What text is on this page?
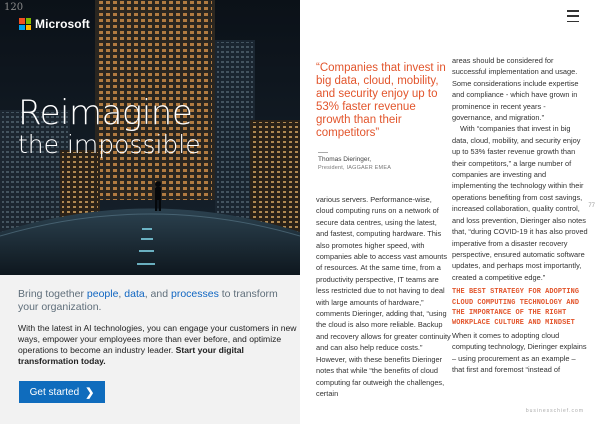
120
Microsoft
Reimagine
the impossible
Bring together people, data, and processes to transform your organization.
With the latest in AI technologies, you can engage your customers in new ways, empower your employees more than ever before, and optimize operations to become an industry leader. Start your digital transformation today.
Get started ❯
77
“Companies that invest in big data, cloud, mobility, and security enjoy up to 53% faster revenue growth than their competitors”
Thomas Dieringer,
President, IAGGAER EMEA

various servers. Performance-wise, cloud computing runs on a network of secure data centres, using the latest, and fastest, computing hardware. This also promotes higher speed, with companies able to access vast amounts of resources. At the same time, from a productivity perspective, IT teams are less restricted due to not having to deal with large amounts of hardware,” comments Dieringer, adding that, “using the cloud is also more reliable. Backup and recovery allows for greater continuity and can also help reduce costs.” However, with these benefits Dieringer notes that while “the benefits of cloud computing far outweigh the challenges, certain

areas should be considered for successful implementation and usage. Some considerations include expertise and compliance - which have grown in prominence in recent years - governance, and migration.”

With “companies that invest in big data, cloud, mobility, and security enjoy up to 53% faster revenue growth than their competitors,” a large number of companies are investing and implementing the technology within their operations benefiting from cost savings, increased collaboration, quality control, and loss prevention, Dieringer also notes that, “during COVID-19 it has also proved imperative from a disaster recovery perspective, ensured automatic software updates, and perhaps most importantly, created a competitive edge.”

THE BEST STRATEGY FOR ADOPTING CLOUD COMPUTING TECHNOLOGY AND THE IMPORTANCE OF THE RIGHT WORKPLACE CULTURE AND MINDSET

When it comes to adopting cloud computing technology, Dieringer explains – using procurement as an example – that first and foremost “instead of

businesschief.com
